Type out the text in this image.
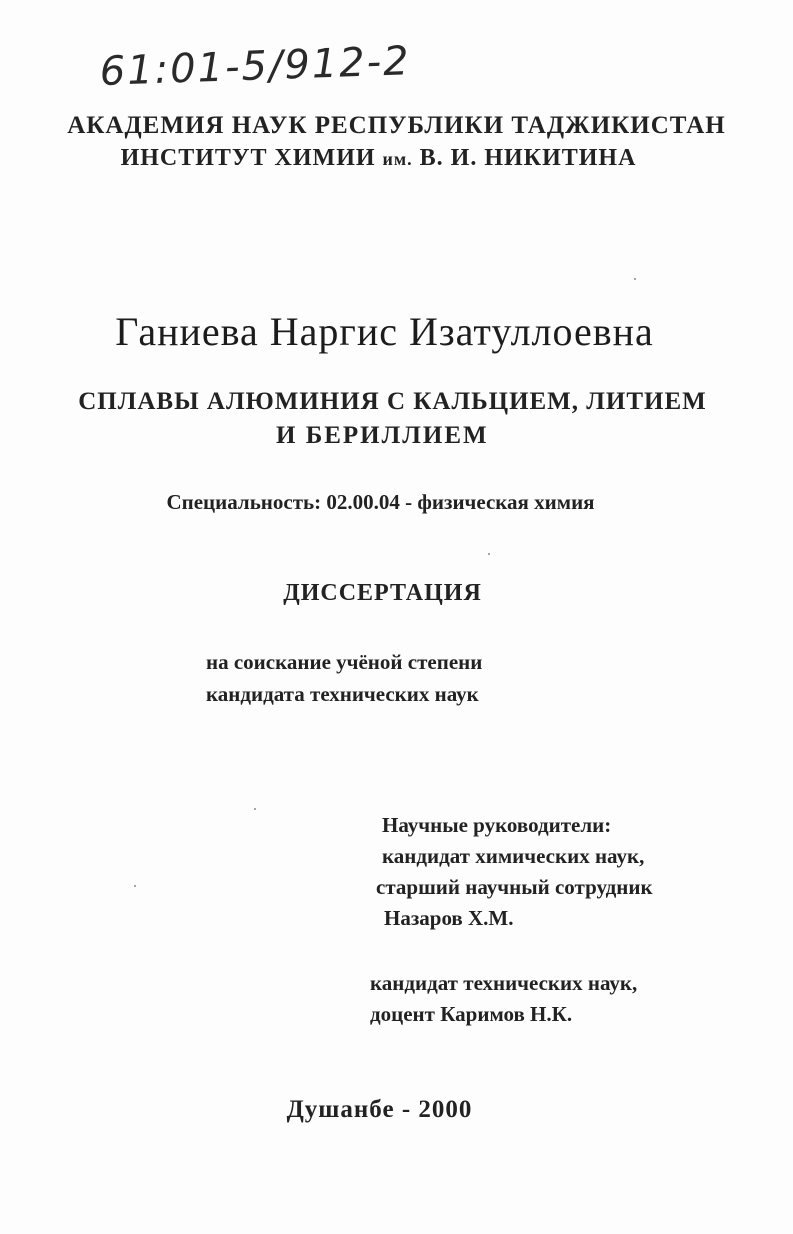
61:01-5/912-2
АКАДЕМИЯ НАУК РЕСПУБЛИКИ ТАДЖИКИСТАН
ИНСТИТУТ ХИМИИ им. В. И. НИКИТИНА
Ганиева Наргис Изатуллоевна
СПЛАВЫ АЛЮМИНИЯ С КАЛЬЦИЕМ, ЛИТИЕМ
И БЕРИЛЛИЕМ
Специальность: 02.00.04 - физическая химия
ДИССЕРТАЦИЯ
на соискание учёной степени
кандидата технических наук
Научные руководители:
кандидат химических наук,
старший научный сотрудник
Назаров Х.М.
кандидат технических наук,
доцент Каримов Н.К.
Душанбе - 2000
